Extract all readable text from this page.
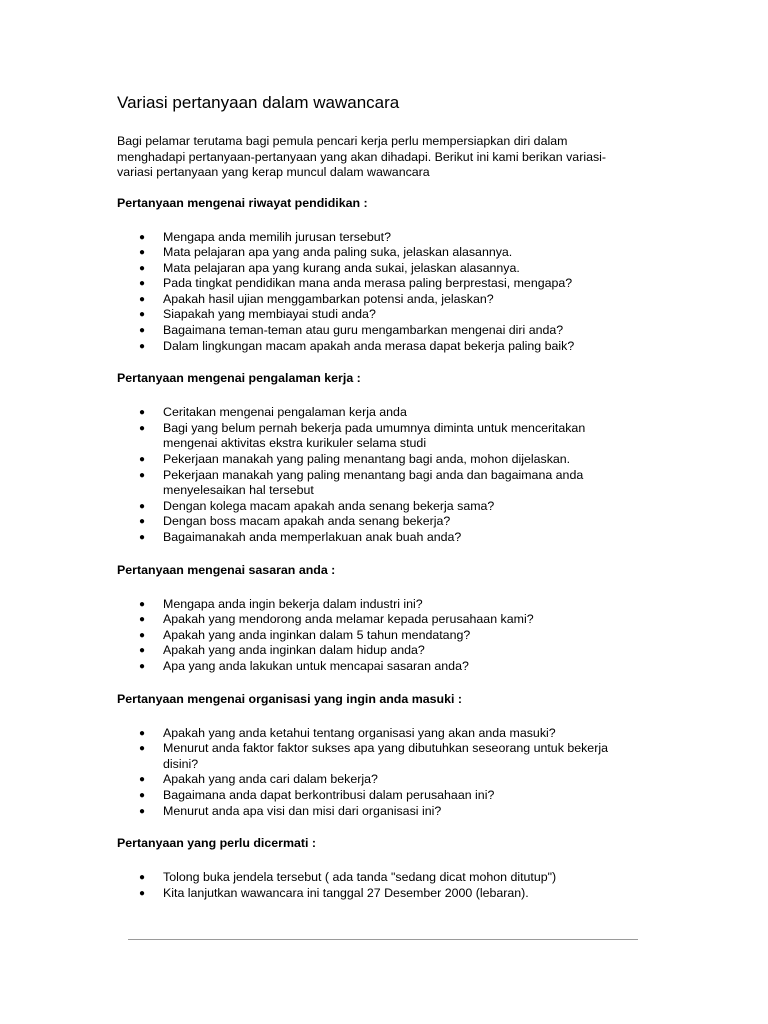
Variasi pertanyaan dalam wawancara

Bagi pelamar terutama bagi pemula pencari kerja perlu mempersiapkan diri dalam menghadapi pertanyaan-pertanyaan yang akan dihadapi. Berikut ini kami berikan variasi-variasi pertanyaan yang kerap muncul dalam wawancara

Pertanyaan mengenai riwayat pendidikan :

● Mengapa anda memilih jurusan tersebut?
● Mata pelajaran apa yang anda paling suka, jelaskan alasannya.
● Mata pelajaran apa yang kurang anda sukai, jelaskan alasannya.
● Pada tingkat pendidikan mana anda merasa paling berprestasi, mengapa?
● Apakah hasil ujian menggambarkan potensi anda, jelaskan?
● Siapakah yang membiayai studi anda?
● Bagaimana teman-teman atau guru mengambarkan mengenai diri anda?
● Dalam lingkungan macam apakah anda merasa dapat bekerja paling baik?

Pertanyaan mengenai pengalaman kerja :

● Ceritakan mengenai pengalaman kerja anda
● Bagi yang belum pernah bekerja pada umumnya diminta untuk menceritakan mengenai aktivitas ekstra kurikuler selama studi
● Pekerjaan manakah yang paling menantang bagi anda, mohon dijelaskan.
● Pekerjaan manakah yang paling menantang bagi anda dan bagaimana anda menyelesaikan hal tersebut
● Dengan kolega macam apakah anda senang bekerja sama?
● Dengan boss macam apakah anda senang bekerja?
● Bagaimanakah anda memperlakuan anak buah anda?

Pertanyaan mengenai sasaran anda :

● Mengapa anda ingin bekerja dalam industri ini?
● Apakah yang mendorong anda melamar kepada perusahaan kami?
● Apakah yang anda inginkan dalam 5 tahun mendatang?
● Apakah yang anda inginkan dalam hidup anda?
● Apa yang anda lakukan untuk mencapai sasaran anda?

Pertanyaan mengenai organisasi yang ingin anda masuki :

● Apakah yang anda ketahui tentang organisasi yang akan anda masuki?
● Menurut anda faktor faktor sukses apa yang dibutuhkan seseorang untuk bekerja disini?
● Apakah yang anda cari dalam bekerja?
● Bagaimana anda dapat berkontribusi dalam perusahaan ini?
● Menurut anda apa visi dan misi dari organisasi ini?

Pertanyaan yang perlu dicermati :

● Tolong buka jendela tersebut ( ada tanda "sedang dicat mohon ditutup")
● Kita lanjutkan wawancara ini tanggal 27 Desember 2000 (lebaran).
